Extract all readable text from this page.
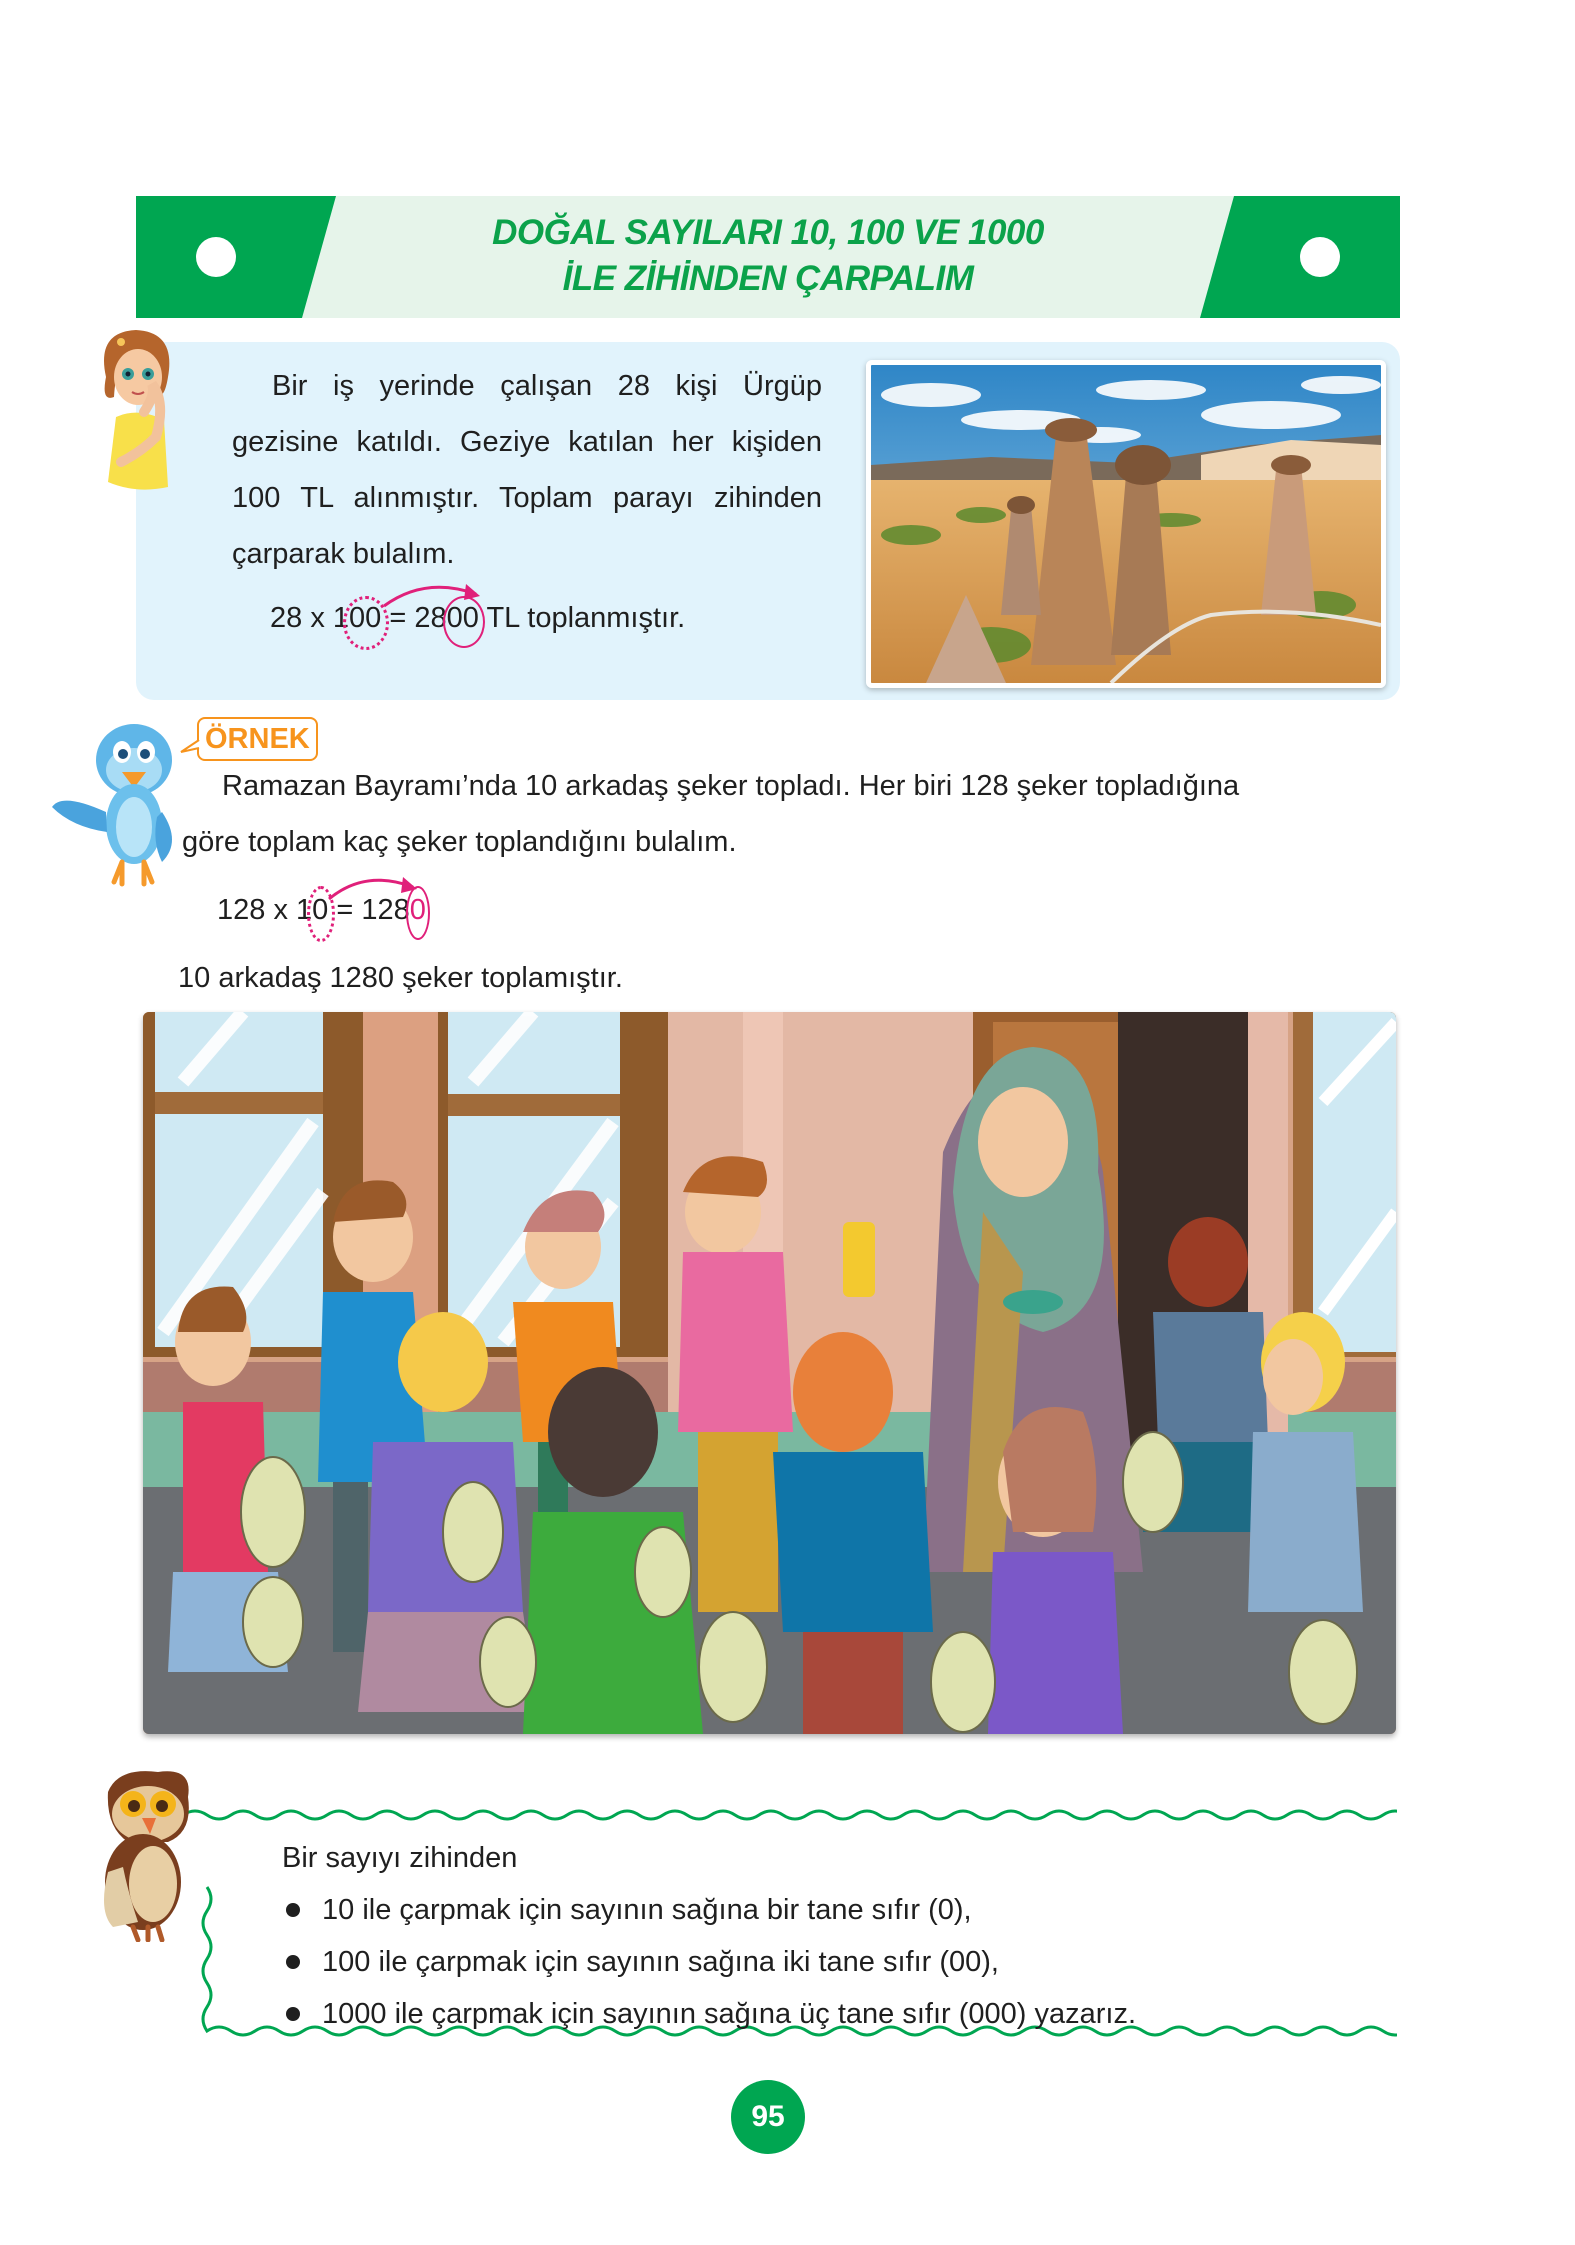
DOĞAL SAYILARI 10, 100 VE 1000
İLE ZİHİNDEN ÇARPALIM
Bir iş yerinde çalışan 28 kişi Ürgüp gezisine katıldı. Geziye katılan her kişiden 100 TL alınmıştır. Toplam parayı zihinden çarparak bulalım.
28 x 100 = 2800 TL toplanmıştır.
ÖRNEK
Ramazan Bayramı’nda 10 arkadaş şeker topladı. Her biri 128 şeker topladığına
göre toplam kaç şeker toplandığını bulalım.
128 x 10 = 1280
10 arkadaş 1280 şeker toplamıştır.
Bir sayıyı zihinden
10 ile çarpmak için sayının sağına bir tane sıfır (0),
100 ile çarpmak için sayının sağına iki tane sıfır (00),
1000 ile çarpmak için sayının sağına üç tane sıfır (000) yazarız.
95
